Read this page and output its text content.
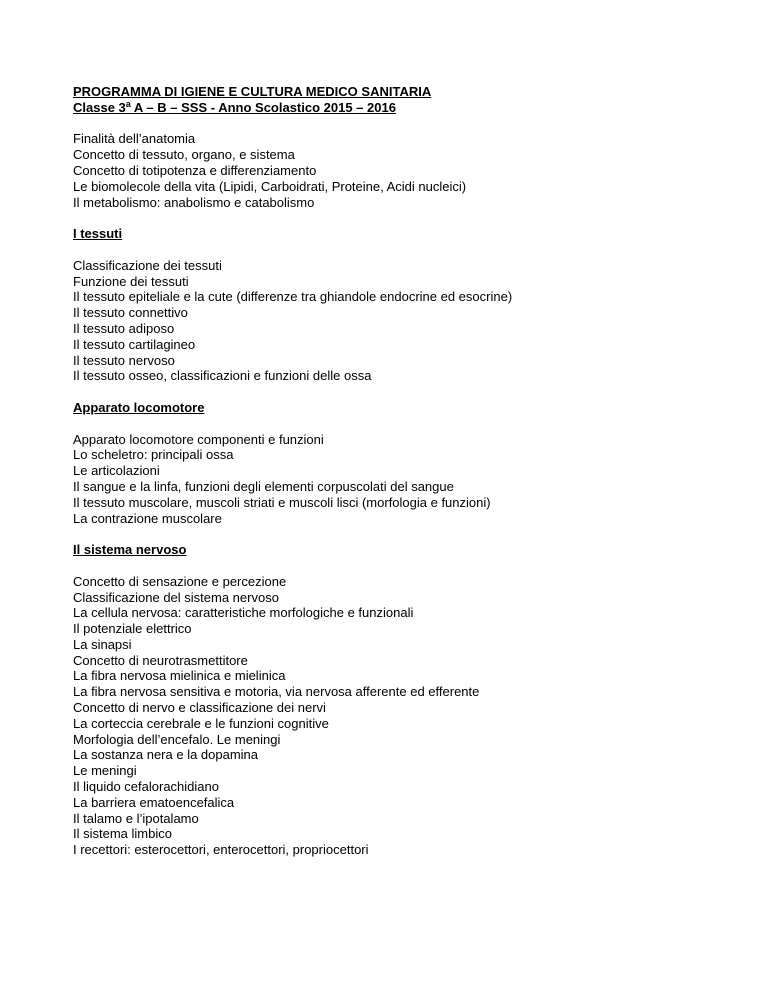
PROGRAMMA DI IGIENE E CULTURA MEDICO SANITARIA
Classe 3$^a$ A – B – SSS - Anno Scolastico 2015 – 2016
Finalità dell’anatomia
Concetto di tessuto, organo, e sistema
Concetto di totipotenza e differenziamento
Le biomolecole della vita (Lipidi, Carboidrati, Proteine, Acidi nucleici)
Il metabolismo: anabolismo e catabolismo
I tessuti
Classificazione dei tessuti
Funzione dei tessuti
Il tessuto epiteliale e la cute (differenze tra ghiandole endocrine ed esocrine)
Il tessuto connettivo
Il tessuto adiposo
Il tessuto cartilagineo
Il tessuto nervoso
Il tessuto osseo, classificazioni e funzioni delle ossa
Apparato locomotore
Apparato locomotore componenti e funzioni
Lo scheletro: principali ossa
Le articolazioni
Il sangue e la linfa, funzioni degli elementi corpuscolati del sangue
Il tessuto muscolare, muscoli striati e muscoli lisci (morfologia e funzioni)
La contrazione muscolare
Il sistema nervoso
Concetto di sensazione e percezione
Classificazione del sistema nervoso
La cellula nervosa: caratteristiche morfologiche e funzionali
Il potenziale elettrico
La sinapsi
Concetto di neurotrasmettitore
La fibra nervosa mielinica e mielinica
La fibra nervosa sensitiva e motoria, via nervosa afferente ed efferente
Concetto di nervo e classificazione dei nervi
La corteccia cerebrale e le funzioni cognitive
Morfologia dell’encefalo. Le meningi
La sostanza nera e la dopamina
Le meningi
Il liquido cefalorachidiano
La barriera ematoencefalica
Il talamo e l’ipotalamo
Il sistema limbico
I recettori: esterocettori, enterocettori, propriocettori
